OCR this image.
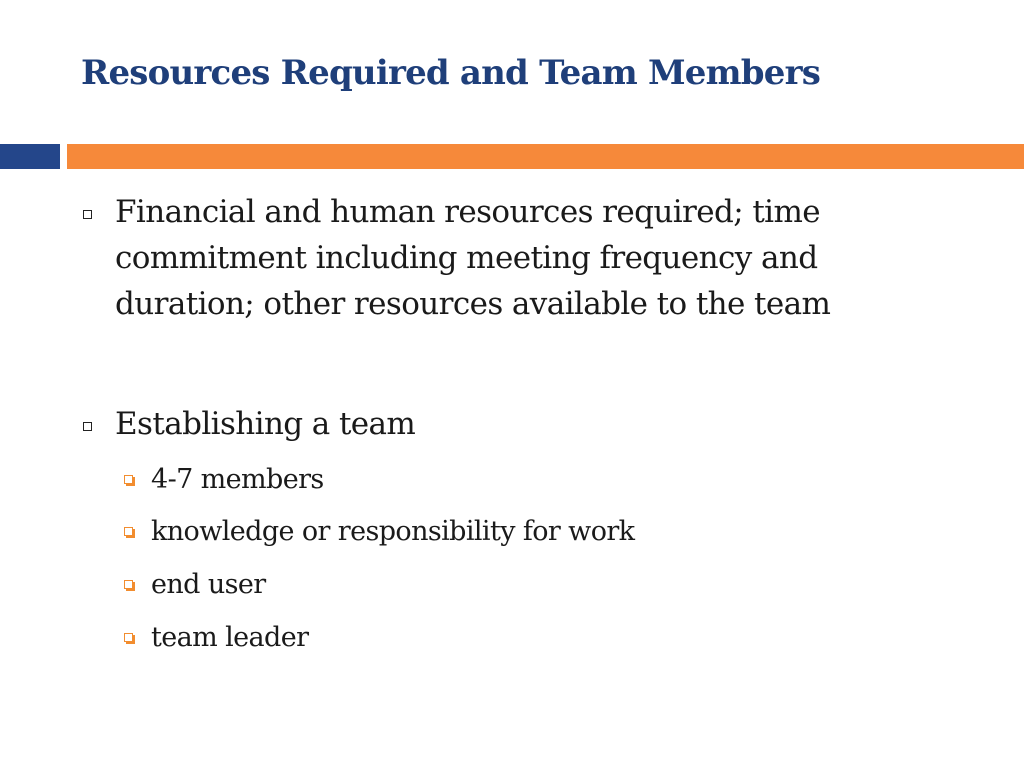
Resources Required and Team Members
Financial and human resources required; time commitment including meeting frequency and duration; other resources available to the team
Establishing a team
4-7 members
knowledge or responsibility for work
end user
team leader
